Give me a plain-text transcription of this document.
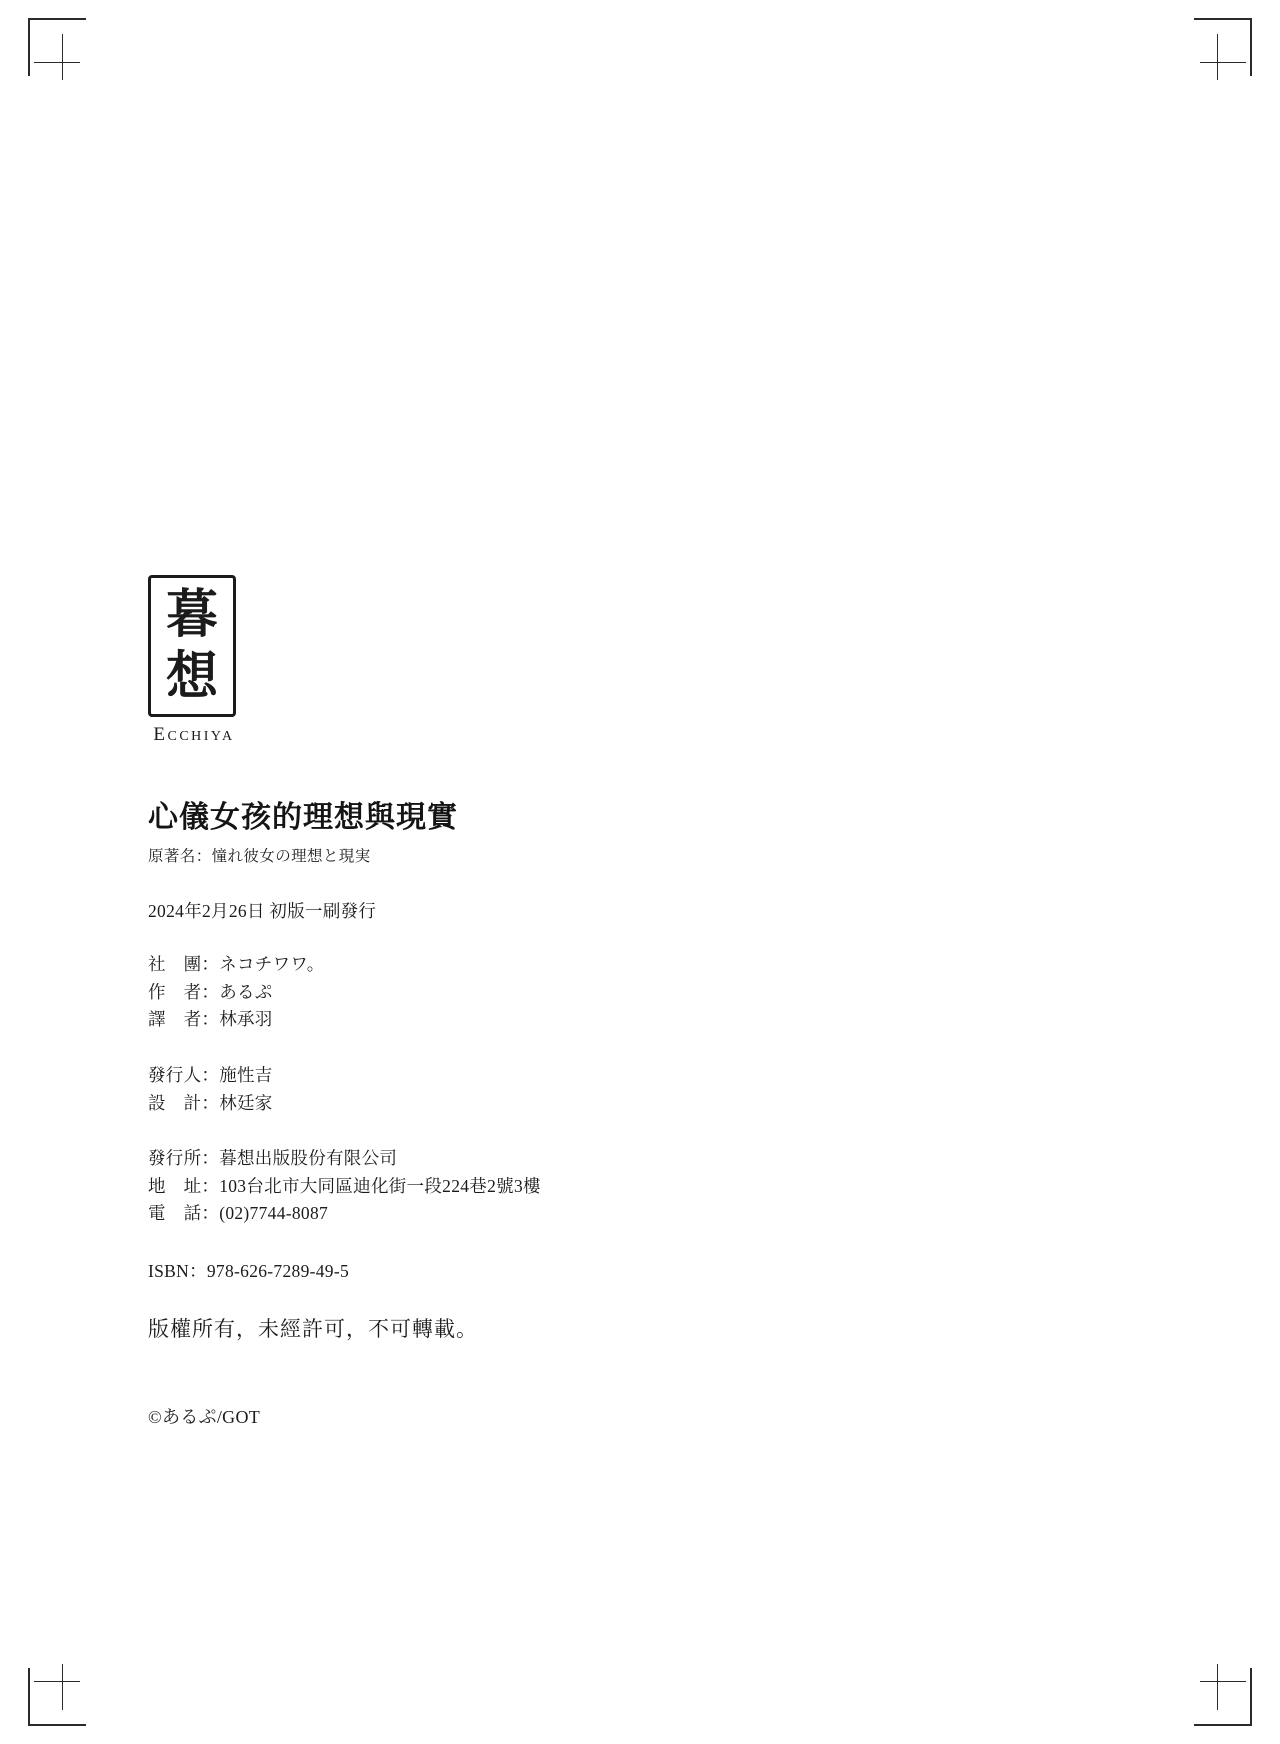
暮
想
ECCHIYA
心儀女孩的理想與現實
原著名：憧れ彼女の理想と現実
2024年2月26日 初版一刷發行
社　團：ネコチワワ。
作　者：あるぷ
譯　者：林承羽
發行人：施性吉
設　計：林廷家
發行所：暮想出版股份有限公司
地　址：103台北市大同區迪化街一段224巷2號3樓
電　話：(02)7744-8087
ISBN：978-626-7289-49-5
版權所有，未經許可，不可轉載。
©あるぷ/GOT
